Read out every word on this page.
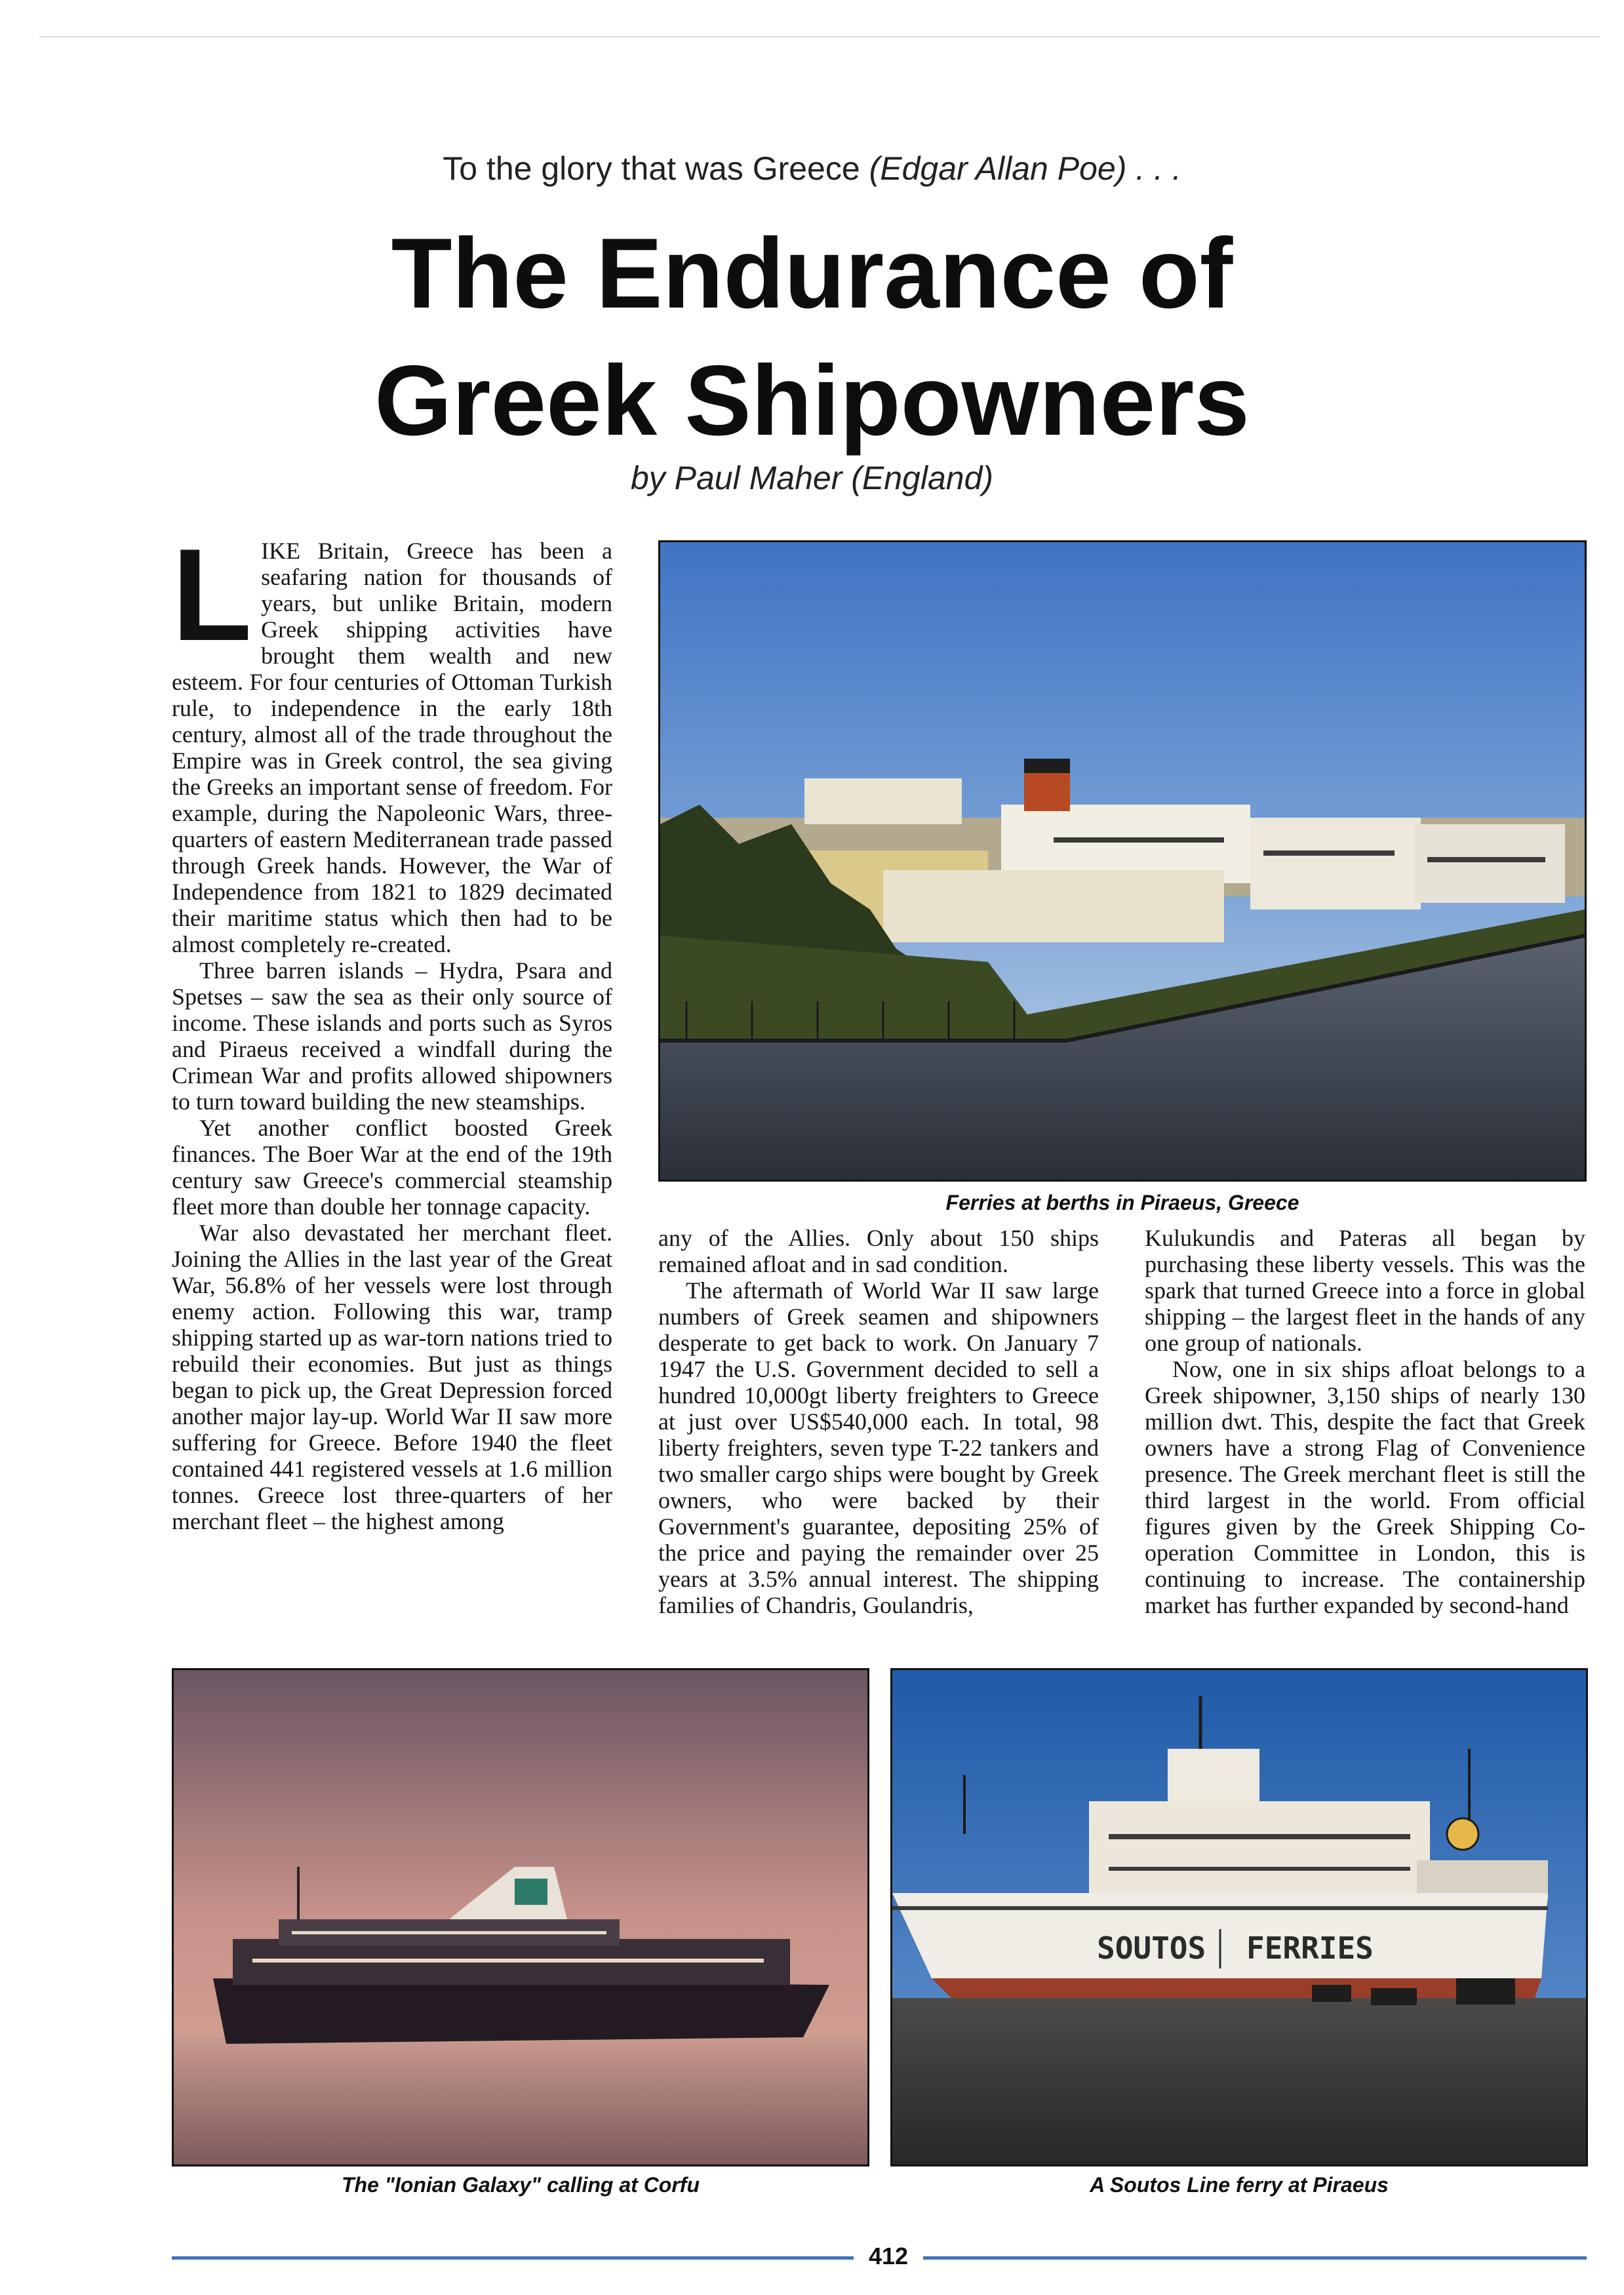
To the glory that was Greece (Edgar Allan Poe) . . .
The Endurance of
Greek Shipowners
by Paul Maher (England)

LIKE Britain, Greece has been a seafaring nation for thousands of years, but unlike Britain, modern Greek shipping activities have brought them wealth and new esteem. For four centuries of Ottoman Turkish rule, to independence in the early 18th century, almost all of the trade throughout the Empire was in Greek control, the sea giving the Greeks an important sense of freedom. For example, during the Napoleonic Wars, three-quarters of eastern Mediterranean trade passed through Greek hands. However, the War of Independence from 1821 to 1829 decimated their maritime status which then had to be almost completely re-created.

Three barren islands – Hydra, Psara and Spetses – saw the sea as their only source of income. These islands and ports such as Syros and Piraeus received a windfall during the Crimean War and profits allowed shipowners to turn toward building the new steamships.

Yet another conflict boosted Greek finances. The Boer War at the end of the 19th century saw Greece's commercial steamship fleet more than double her tonnage capacity.

War also devastated her merchant fleet. Joining the Allies in the last year of the Great War, 56.8% of her vessels were lost through enemy action. Following this war, tramp shipping started up as war-torn nations tried to rebuild their economies. But just as things began to pick up, the Great Depression forced another major lay-up. World War II saw more suffering for Greece. Before 1940 the fleet contained 441 registered vessels at 1.6 million tonnes. Greece lost three-quarters of her merchant fleet – the highest among

Ferries at berths in Piraeus, Greece

any of the Allies. Only about 150 ships remained afloat and in sad condition.

The aftermath of World War II saw large numbers of Greek seamen and shipowners desperate to get back to work. On January 7 1947 the U.S. Government decided to sell a hundred 10,000gt liberty freighters to Greece at just over US$540,000 each. In total, 98 liberty freighters, seven type T-22 tankers and two smaller cargo ships were bought by Greek owners, who were backed by their Government's guarantee, depositing 25% of the price and paying the remainder over 25 years at 3.5% annual interest. The shipping families of Chandris, Goulandris,

Kulukundis and Pateras all began by purchasing these liberty vessels. This was the spark that turned Greece into a force in global shipping – the largest fleet in the hands of any one group of nationals.

Now, one in six ships afloat belongs to a Greek shipowner, 3,150 ships of nearly 130 million dwt. This, despite the fact that Greek owners have a strong Flag of Convenience presence. The Greek merchant fleet is still the third largest in the world. From official figures given by the Greek Shipping Co-operation Committee in London, this is continuing to increase. The containership market has further expanded by second-hand

The "Ionian Galaxy" calling at Corfu
SOUTOS FERRIES
A Soutos Line ferry at Piraeus
412
